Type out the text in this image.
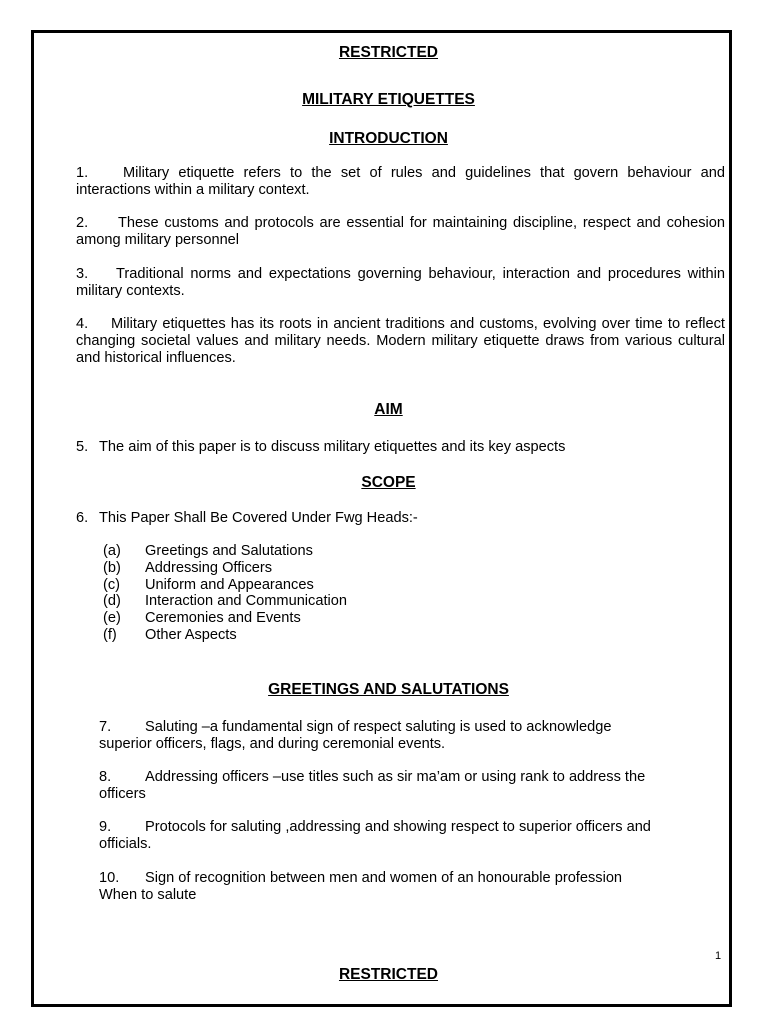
RESTRICTED
MILITARY ETIQUETTES
INTRODUCTION
1. Military etiquette refers to the set of rules and guidelines that govern behaviour and interactions within a military context.
2. These customs and protocols are essential for maintaining discipline, respect and cohesion among military personnel
3. Traditional norms and expectations governing behaviour, interaction and procedures within military contexts.
4. Military etiquettes has its roots in ancient traditions and customs, evolving over time to reflect changing societal values and military needs. Modern military etiquette draws from various cultural and historical influences.
AIM
5. The aim of this paper is to discuss military etiquettes and its key aspects
SCOPE
6. This Paper Shall Be Covered Under Fwg Heads:-
(a)	Greetings and Salutations
(b)	Addressing Officers
(c)	Uniform and Appearances
(d)	Interaction and Communication
(e)	Ceremonies and Events
(f)	Other Aspects
GREETINGS AND SALUTATIONS
7. Saluting –a fundamental sign of respect saluting is used to acknowledge superior officers, flags, and during ceremonial events.
8. Addressing officers –use titles such as sir ma’am or using rank to address the officers
9. Protocols for saluting ,addressing and showing respect to superior officers and officials.
10. Sign of recognition between men and women of an honourable profession When to salute
1
RESTRICTED
